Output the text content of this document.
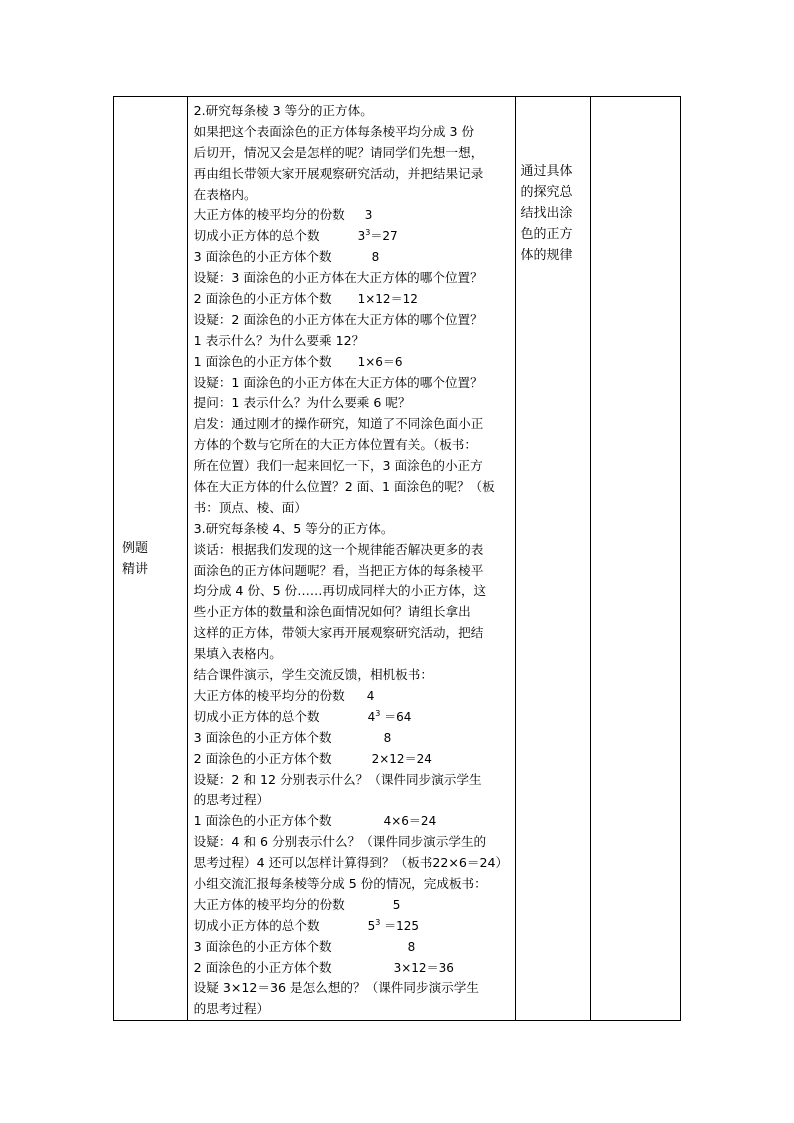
例题
精讲

2.研究每条棱 3 等分的正方体。
如果把这个表面涂色的正方体每条棱平均分成 3 份
后切开，情况又会是怎样的呢？请同学们先想一想，
再由组长带领大家开展观察研究活动，并把结果记录
在表格内。
大正方体的棱平均分的份数 3
切成小正方体的总个数	$3^3=27$
3 面涂色的小正方体个数	8
设疑：3 面涂色的小正方体在大正方体的哪个位置？
2 面涂色的小正方体个数 1×12＝12
设疑：2 面涂色的小正方体在大正方体的哪个位置？
1 表示什么？为什么要乘 12？
1 面涂色的小正方体个数 1×6＝6
设疑：1 面涂色的小正方体在大正方体的哪个位置？
提问：1 表示什么？为什么要乘 6 呢？
启发：通过刚才的操作研究，知道了不同涂色面小正
方体的个数与它所在的大正方体位置有关。（板书：
所在位置）我们一起来回忆一下，3 面涂色的小正方
体在大正方体的什么位置？2 面、1 面涂色的呢？（板
书：顶点、棱、面）
3.研究每条棱 4、5 等分的正方体。
谈话：根据我们发现的这一个规律能否解决更多的表
面涂色的正方体问题呢？看，当把正方体的每条棱平
均分成 4 份、5 份……再切成同样大的小正方体，这
些小正方体的数量和涂色面情况如何？请组长拿出
这样的正方体，带领大家再开展观察研究活动，把结
果填入表格内。
结合课件演示，学生交流反馈，相机板书：
大正方体的棱平均分的份数 4
切成小正方体的总个数	$4^3 =64$
3 面涂色的小正方体个数	8
2 面涂色的小正方体个数	2×12＝24
设疑：2 和 12 分别表示什么？（课件同步演示学生
的思考过程）
1 面涂色的小正方体个数	4×6＝24
设疑：4 和 6 分别表示什么？（课件同步演示学生的
思考过程）4 还可以怎样计算得到？（板书22×6＝24）
小组交流汇报每条棱等分成 5 份的情况，完成板书：
大正方体的棱平均分的份数	5
切成小正方体的总个数	$5^3 =125$
3 面涂色的小正方体个数	8
2 面涂色的小正方体个数	3×12＝36
设疑 3×12＝36 是怎么想的？（课件同步演示学生
的思考过程）

通过具体
的探究总
结找出涂
色的正方
体的规律
